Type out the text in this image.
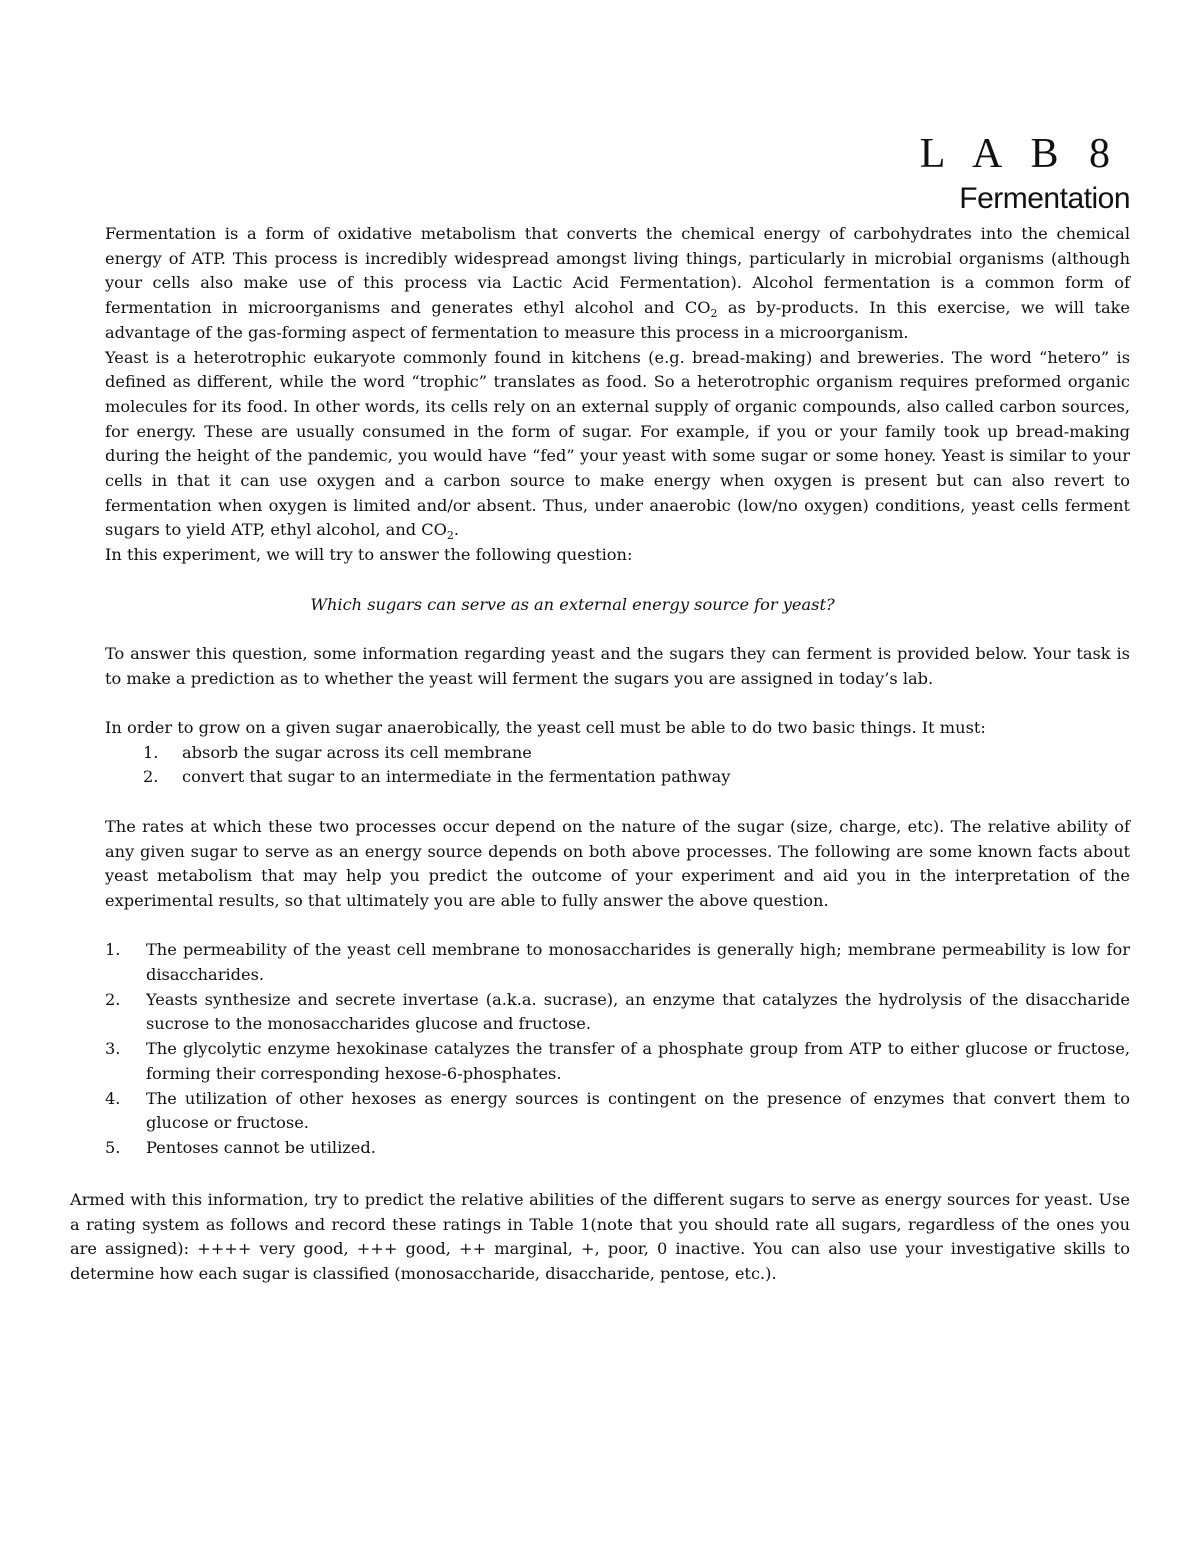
L A B 8
Fermentation

Fermentation is a form of oxidative metabolism that converts the chemical energy of carbohydrates into the chemical energy of ATP. This process is incredibly widespread amongst living things, particularly in microbial organisms (although your cells also make use of this process via Lactic Acid Fermentation). Alcohol fermentation is a common form of fermentation in microorganisms and generates ethyl alcohol and $CO_2$ as by-products. In this exercise, we will take advantage of the gas-forming aspect of fermentation to measure this process in a microorganism.

Yeast is a heterotrophic eukaryote commonly found in kitchens (e.g. bread-making) and breweries. The word “hetero” is defined as different, while the word “trophic” translates as food. So a heterotrophic organism requires preformed organic molecules for its food. In other words, its cells rely on an external supply of organic compounds, also called carbon sources, for energy. These are usually consumed in the form of sugar. For example, if you or your family took up bread-making during the height of the pandemic, you would have “fed” your yeast with some sugar or some honey. Yeast is similar to your cells in that it can use oxygen and a carbon source to make energy when oxygen is present but can also revert to fermentation when oxygen is limited and/or absent. Thus, under anaerobic (low/no oxygen) conditions, yeast cells ferment sugars to yield ATP, ethyl alcohol, and $CO_2$.

In this experiment, we will try to answer the following question:

Which sugars can serve as an external energy source for yeast?

To answer this question, some information regarding yeast and the sugars they can ferment is provided below. Your task is to make a prediction as to whether the yeast will ferment the sugars you are assigned in today’s lab.

In order to grow on a given sugar anaerobically, the yeast cell must be able to do two basic things. It must:

1. absorb the sugar across its cell membrane
2. convert that sugar to an intermediate in the fermentation pathway

The rates at which these two processes occur depend on the nature of the sugar (size, charge, etc). The relative ability of any given sugar to serve as an energy source depends on both above processes. The following are some known facts about yeast metabolism that may help you predict the outcome of your experiment and aid you in the interpretation of the experimental results, so that ultimately you are able to fully answer the above question.

1. The permeability of the yeast cell membrane to monosaccharides is generally high; membrane permeability is low for disaccharides.
2. Yeasts synthesize and secrete invertase (a.k.a. sucrase), an enzyme that catalyzes the hydrolysis of the disaccharide sucrose to the monosaccharides glucose and fructose.
3. The glycolytic enzyme hexokinase catalyzes the transfer of a phosphate group from ATP to either glucose or fructose, forming their corresponding hexose-6-phosphates.
4. The utilization of other hexoses as energy sources is contingent on the presence of enzymes that convert them to glucose or fructose.
5. Pentoses cannot be utilized.

Armed with this information, try to predict the relative abilities of the different sugars to serve as energy sources for yeast. Use a rating system as follows and record these ratings in Table 1(note that you should rate all sugars, regardless of the ones you are assigned): ++++ very good, +++ good, ++ marginal, +, poor, 0 inactive. You can also use your investigative skills to determine how each sugar is classified (monosaccharide, disaccharide, pentose, etc.).
